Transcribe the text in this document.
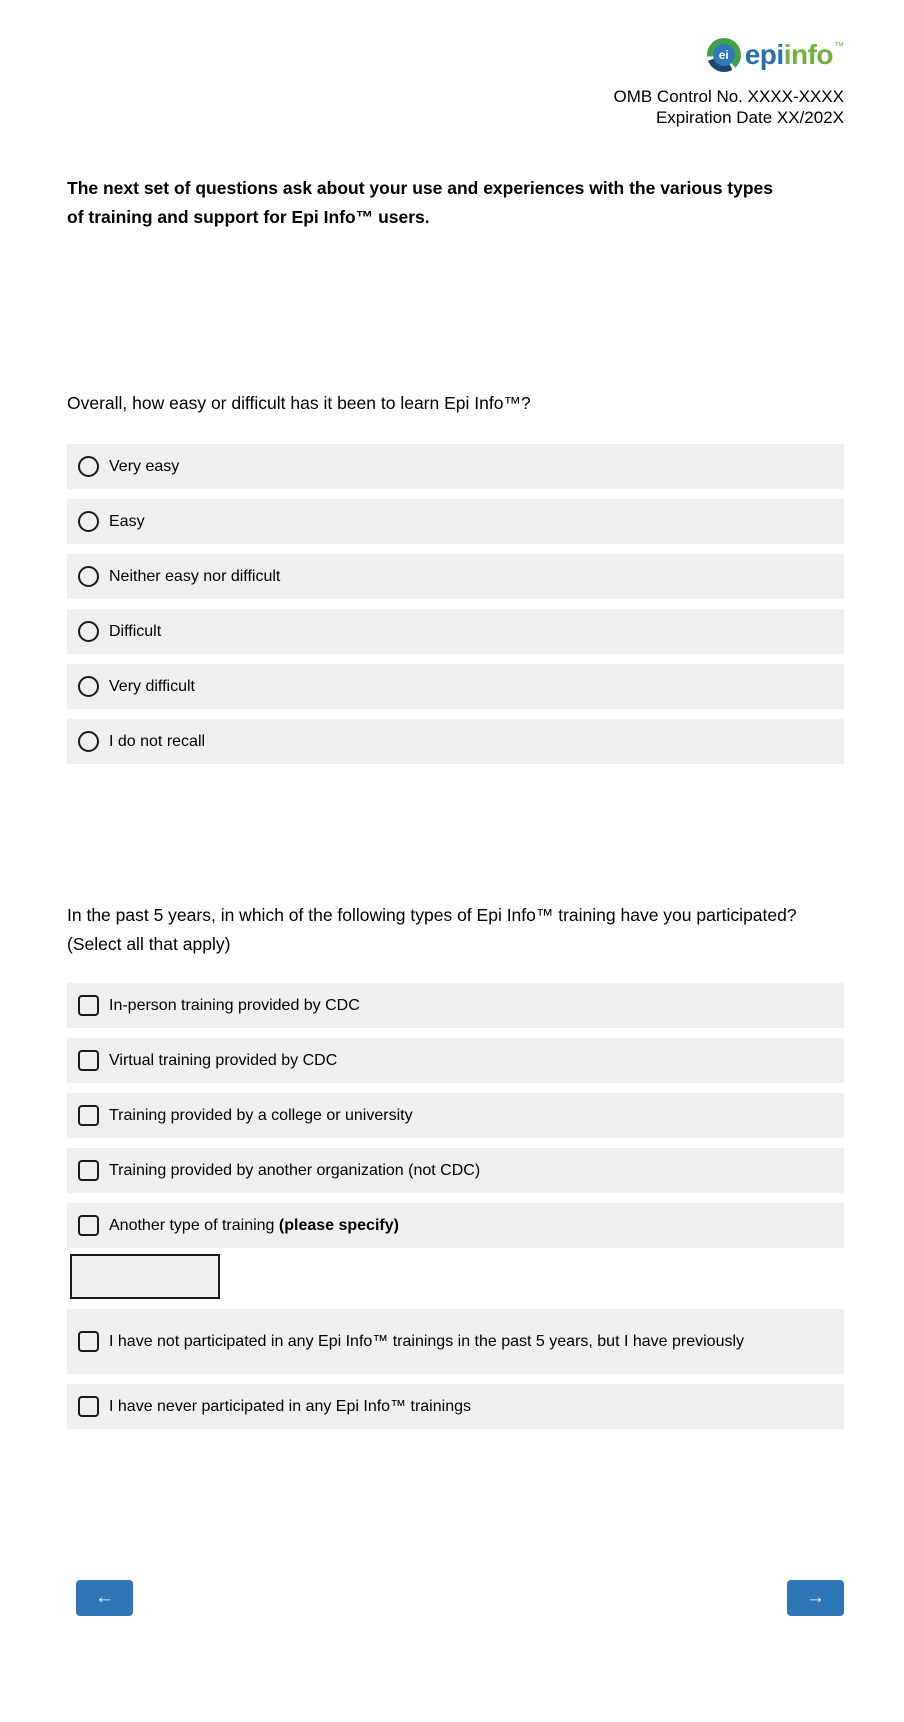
ei epi info ™
OMB Control No. XXXX-XXXX
Expiration Date XX/202X
The next set of questions ask about your use and experiences with the various types of training and support for Epi Info™ users.
Overall, how easy or difficult has it been to learn Epi Info™?
Very easy
Easy
Neither easy nor difficult
Difficult
Very difficult
I do not recall
In the past 5 years, in which of the following types of Epi Info™ training have you participated? (Select all that apply)
In-person training provided by CDC
Virtual training provided by CDC
Training provided by a college or university
Training provided by another organization (not CDC)
Another type of training (please specify)
I have not participated in any Epi Info™ trainings in the past 5 years, but I have previously
I have never participated in any Epi Info™ trainings
←	→
